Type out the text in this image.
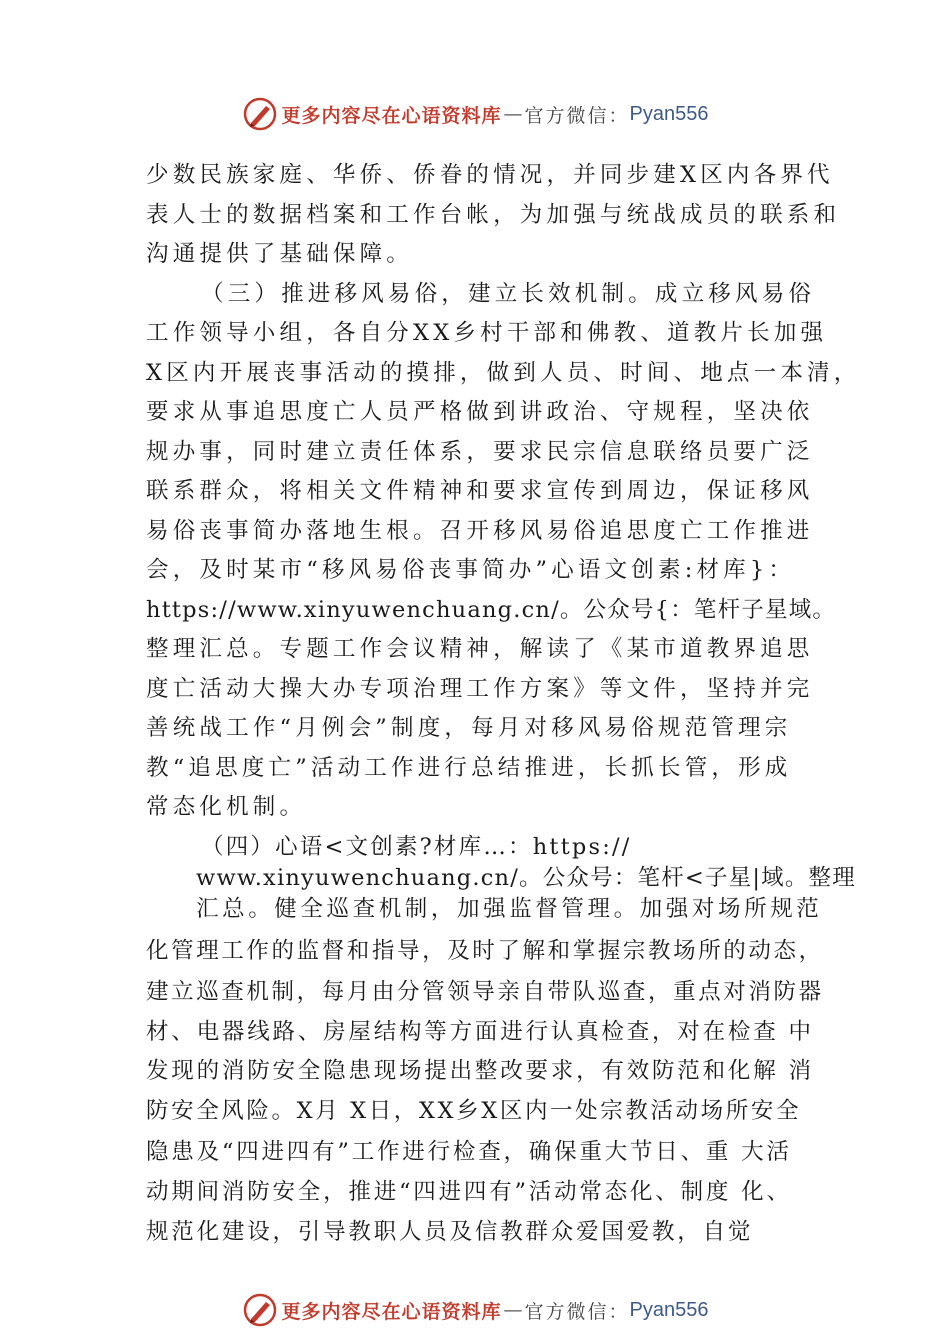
更多内容尽在心语资料库 — 官方微信： Pyan556
少数民族家庭、华侨、侨眷的情况，并同步建X区内各界代
表人士的数据档案和工作台帐，为加强与统战成员的联系和
沟通提供了基础保障。
（三）推进移风易俗，建立长效机制。成立移风易俗
工作领导小组，各自分XX乡村干部和佛教、道教片长加强
X区内开展丧事活动的摸排，做到人员、时间、地点一本清，
要求从事追思度亡人员严格做到讲政治、守规程，坚决依
规办事，同时建立责任体系，要求民宗信息联络员要广泛
联系群众，将相关文件精神和要求宣传到周边，保证移风
易俗丧事简办落地生根。召开移风易俗追思度亡工作推进
会，及时某市“移风易俗丧事简办”心语文创素:材库}：
https://www.xinyuwenchuang.cn/。公众号{：笔杆子星域。
整理汇总。专题工作会议精神，解读了《某市道教界追思
度亡活动大操大办专项治理工作方案》等文件，坚持并完
善统战工作“月例会”制度，每月对移风易俗规范管理宗
教“追思度亡”活动工作进行总结推进，长抓长管，形成
常态化机制。
（四）心语<文创素?材库…：https://
www.xinyuwenchuang.cn/。公众号：笔杆<子星|域。整理
汇总。健全巡查机制，加强监督管理。加强对场所规范
化管理工作的监督和指导，及时了解和掌握宗教场所的动态，
建立巡查机制，每月由分管领导亲自带队巡查，重点对消防器
材、电器线路、房屋结构等方面进行认真检查，对在检查 中
发现的消防安全隐患现场提出整改要求，有效防范和化解 消
防安全风险。X月 X日，XX乡X区内一处宗教活动场所安全
隐患及“四进四有”工作进行检查，确保重大节日、重 大活
动期间消防安全，推进“四进四有”活动常态化、制度 化、
规范化建设，引导教职人员及信教群众爱国爱教，自觉
更多内容尽在心语资料库 — 官方微信： Pyan556
